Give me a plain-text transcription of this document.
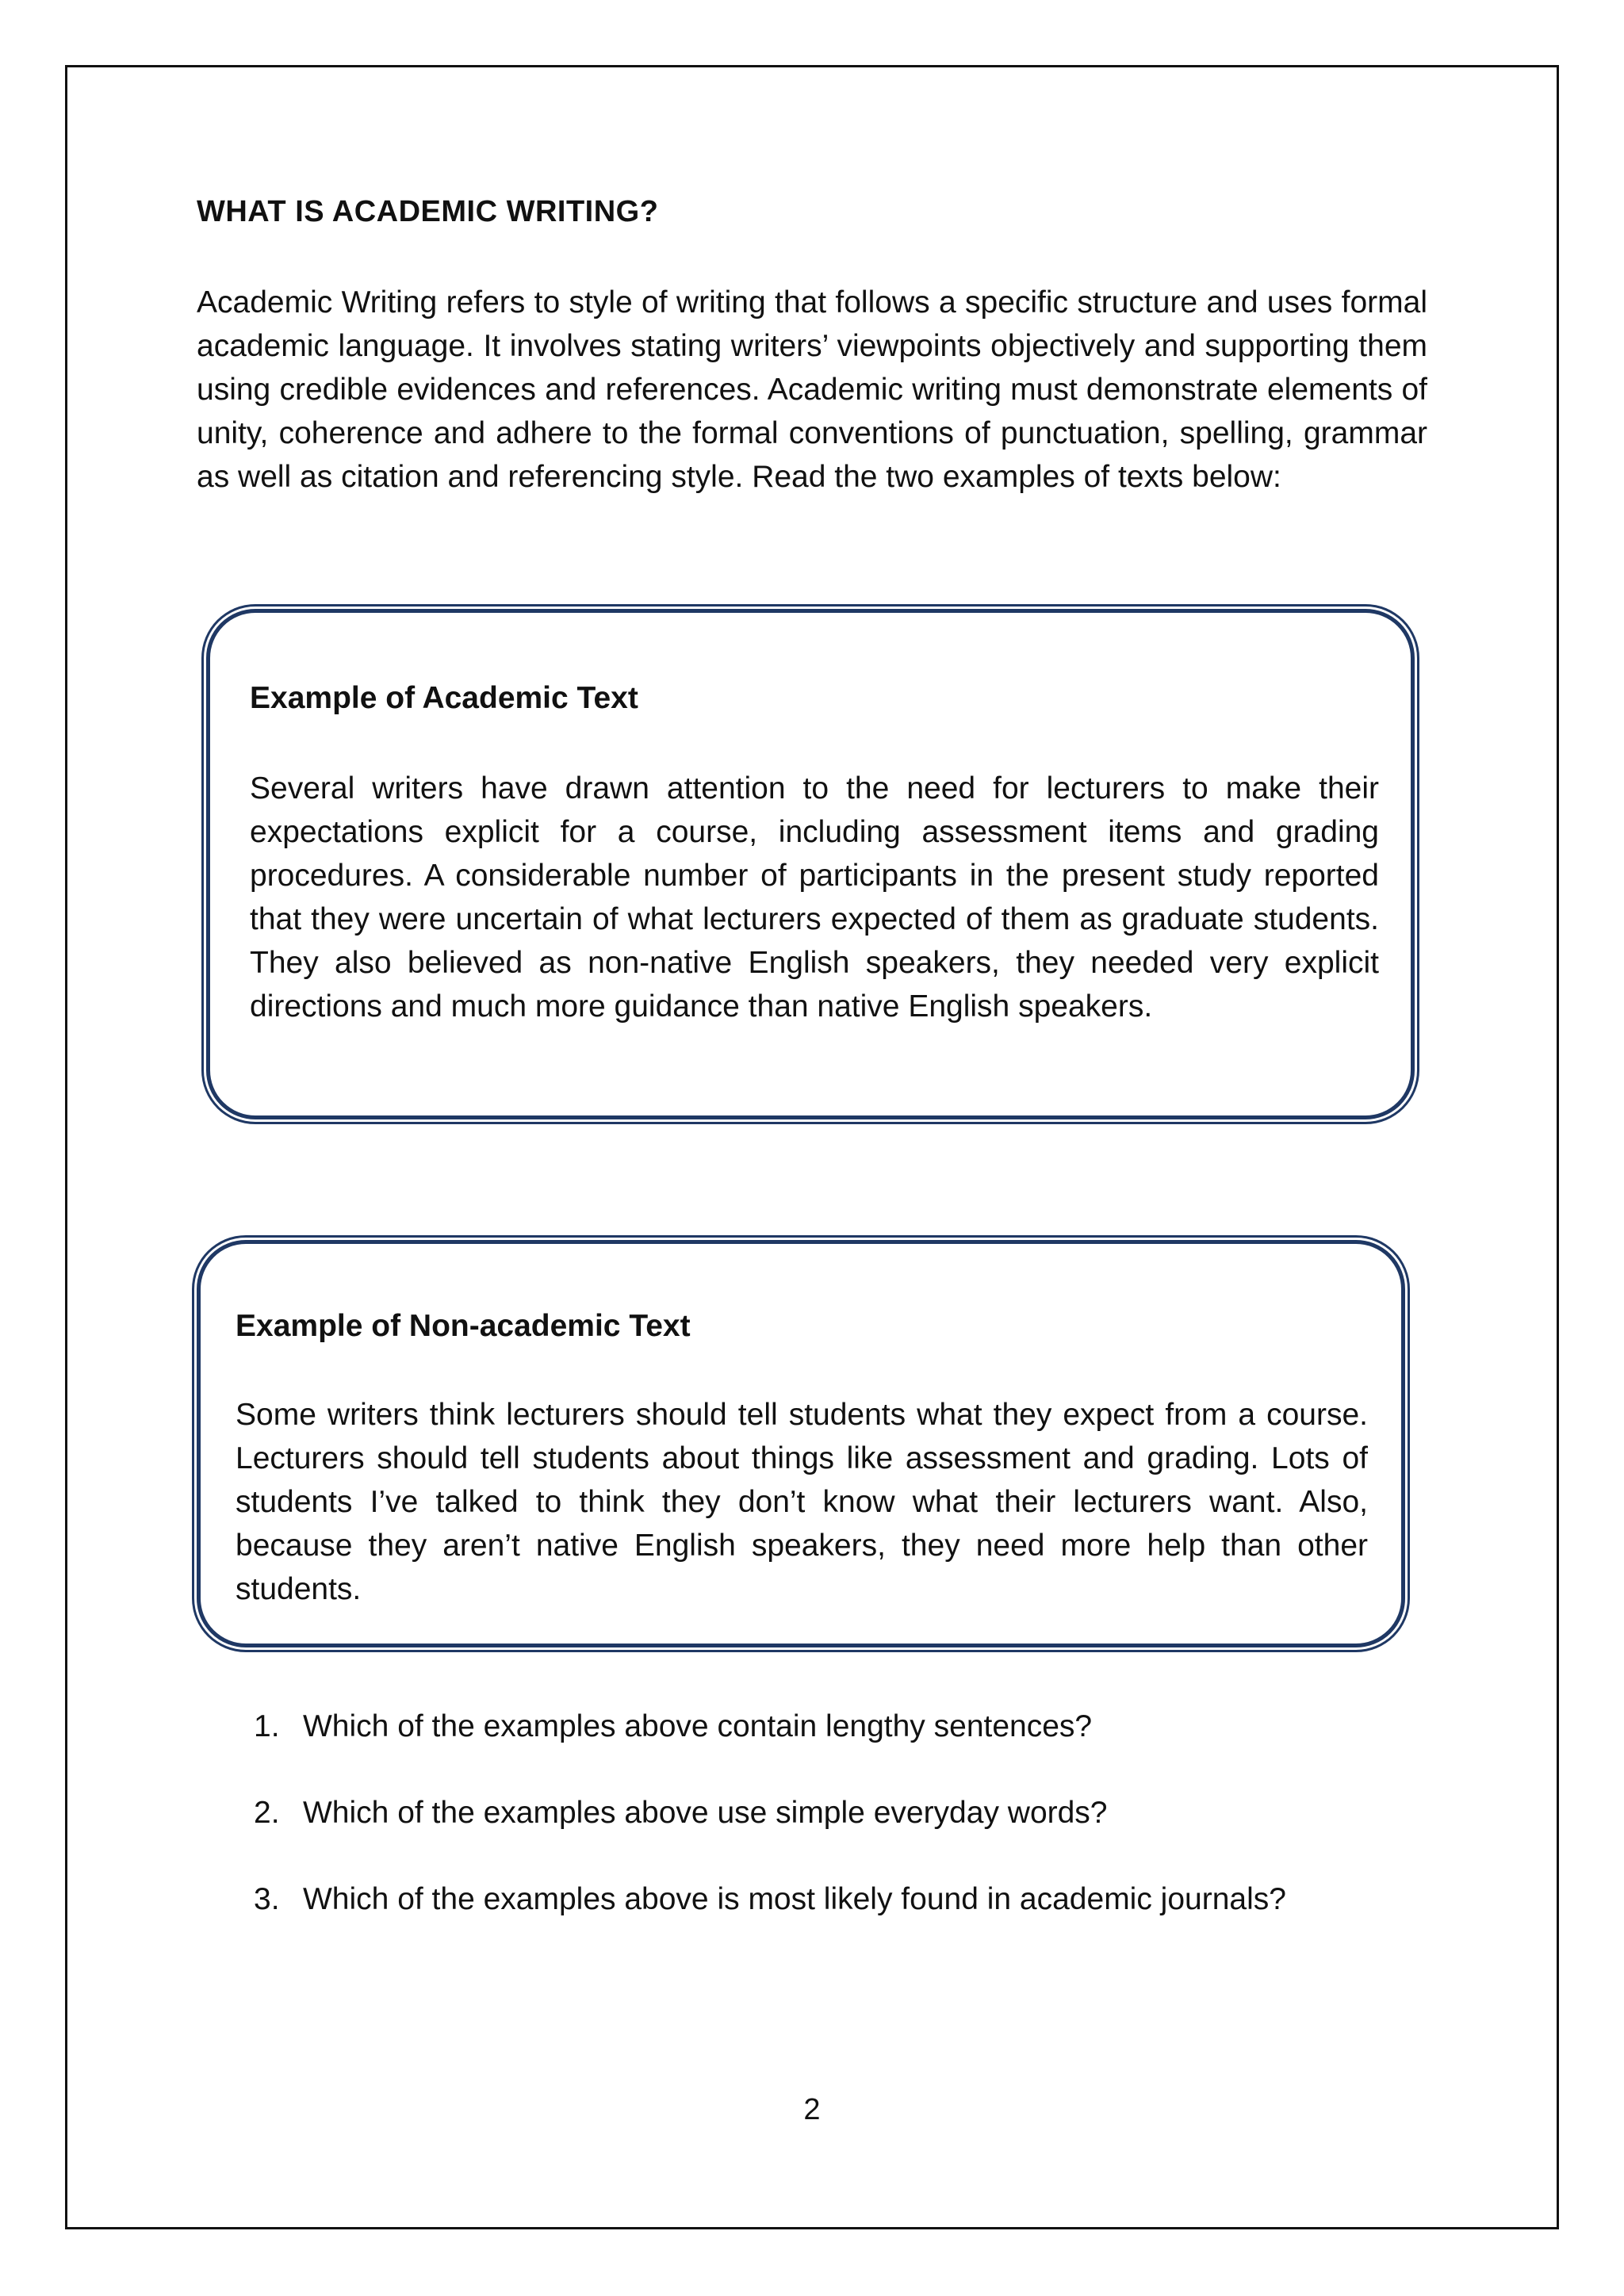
WHAT IS ACADEMIC WRITING?

Academic Writing refers to style of writing that follows a specific structure and uses formal academic language. It involves stating writers’ viewpoints objectively and supporting them using credible evidences and references. Academic writing must demonstrate elements of unity, coherence and adhere to the formal conventions of punctuation, spelling, grammar as well as citation and referencing style. Read the two examples of texts below:

Example of Academic Text

Several writers have drawn attention to the need for lecturers to make their expectations explicit for a course, including assessment items and grading procedures. A considerable number of participants in the present study reported that they were uncertain of what lecturers expected of them as graduate students. They also believed as non-native English speakers, they needed very explicit directions and much more guidance than native English speakers.

Example of Non-academic Text

Some writers think lecturers should tell students what they expect from a course. Lecturers should tell students about things like assessment and grading. Lots of students I’ve talked to think they don’t know what their lecturers want. Also, because they aren’t native English speakers, they need more help than other students.

1. Which of the examples above contain lengthy sentences?
2. Which of the examples above use simple everyday words?
3. Which of the examples above is most likely found in academic journals?

2
